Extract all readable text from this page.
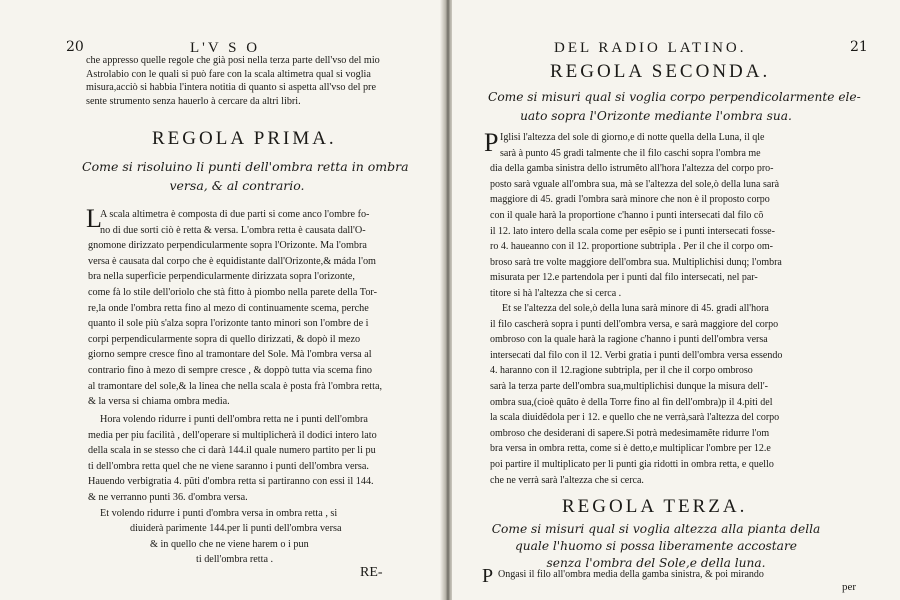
20	L'V S O
che appresso quelle regole che già posi nella terza parte dell'vso del mio
Astrolabio con le quali si può fare con la scala altimetra qual si voglia
misura,acciò si habbia l'intera notitia di quanto si aspetta all'vso del pre
sente strumento senza hauerlo à cercare da altri libri.
REGOLA PRIMA.
Come si risoluino li punti dell'ombra retta in ombra
versa, & al contrario.
L
A scala altimetra è composta di due parti si come anco l'ombre fo-
no di due sorti ciò è retta & versa. L'ombra retta è causata dall'O-
gnomone dirizzato perpendicularmente sopra l'Orizonte. Ma l'ombra
versa è causata dal corpo che è equidistante dall'Orizonte,& máda l'om
bra nella superficie perpendicularmente dirizzata sopra l'orizonte,
come fà lo stile dell'oriolo che stà fitto à piombo nella parete della Tor-
re,la onde l'ombra retta fino al mezo di continuamente scema, perche
quanto il sole più s'alza sopra l'orizonte tanto minori son l'ombre de i
corpi perpendicularmente sopra di quello dirizzati, & dopò il mezo
giorno sempre cresce fino al tramontare del Sole. Mà l'ombra versa al
contrario fino à mezo di sempre cresce , & doppò tutta via scema fino
al tramontare del sole,& la linea che nella scala è posta frà l'ombra retta,
& la versa si chiama ombra media.
Hora volendo ridurre i punti dell'ombra retta ne i punti dell'ombra
media per piu facilità , dell'operare si multiplicherà il dodici intero lato
della scala in se stesso che ci darà 144.il quale numero partito per li pu
ti dell'ombra retta quel che ne viene saranno i punti dell'ombra versa.
Hauendo verbigratia 4. pũti d'ombra retta si partiranno con essi il 144.
& ne verranno punti 36. d'ombra versa.
Et volendo ridurre i punti d'ombra versa in ombra retta , si
diuiderà parimente 144.per li punti dell'ombra versa
& in quello che ne viene harem o i pun
ti dell'ombra retta .
RE-
DEL RADIO LATINO.	21
REGOLA SECONDA.
Come si misuri qual si voglia corpo perpendicolarmente ele-
uato sopra l'Orizonte mediante l'ombra sua.
P Iglisi l'altezza del sole di giorno,e di notte quella della Luna, il qle
sarà à punto 45 gradi talmente che il filo caschi sopra l'ombra me
dia della gamba sinistra dello istrumẽto all'hora l'altezza del corpo pro-
posto sarà vguale all'ombra sua, mà se l'altezza del sole,ò della luna sarà
maggiore di 45. gradi l'ombra sarà minore che non è il proposto corpo
con il quale harà la proportione c'hanno i punti intersecati dal filo cõ
il 12. lato intero della scala come per esẽpio se i punti intersecati fosse-
ro 4. haueanno con il 12. proportione subtripla . Per il che il corpo om-
broso sarà tre volte maggiore dell'ombra sua. Multiplichisi dunq; l'ombra
misurata per 12.e partendola per i punti dal filo intersecati, nel par-
titore si hà l'altezza che si cerca .
Et se l'altezza del sole,ò della luna sarà minore di 45. gradi all'hora
il filo cascherà sopra i punti dell'ombra versa, e sarà maggiore del corpo
ombroso con la quale harà la ragione c'hanno i punti dell'ombra versa
intersecati dal filo con il 12. Verbi gratia i punti dell'ombra versa essendo
4. haranno con il 12.ragione subtripla, per il che il corpo ombroso
sarà la terza parte dell'ombra sua,multiplichisi dunque la misura dell'-
ombra sua,(cioè quãto è della Torre fino al fin dell'ombra)p il 4.piti del
la scala diuidẽdola per i 12. e quello che ne verrà,sarà l'altezza del corpo
ombroso che desiderani di sapere.Si potrà medesimamẽte ridurre l'om
bra versa in ombra retta, come si è detto,e multiplicar l'ombre per 12.e
poi partire il multiplicato per li punti gia ridotti in ombra retta, e quello
che ne verrà sarà l'altezza che si cerca.
REGOLA TERZA.
Come si misuri qual si voglia altezza alla pianta della
quale l'huomo si possa liberamente accostare
senza l'ombra del Sole,e della luna.
P Ongasi il filo all'ombra media della gamba sinistra, & poi mirando
per
